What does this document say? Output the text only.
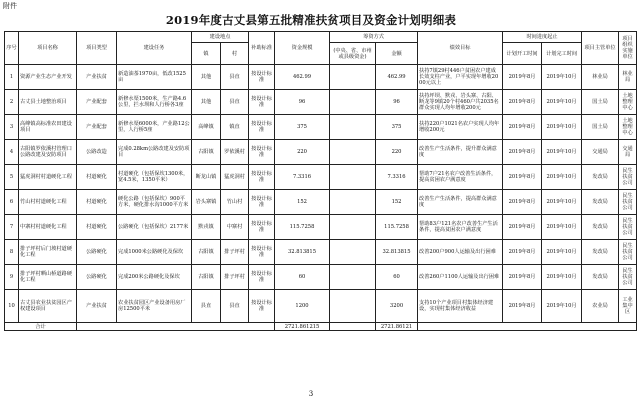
附件
2019年度古丈县第五批精准扶贫项目及资金计划明细表
序号	项目名称	项目类型	建设任务	建设地点		补助标准	资金规模	筹资方式		绩效目标	时间进度起止		项目主管单位	项目组织实施单位
				镇	村			(中央、省、市州或县级资金)	金额		计划开工时间	计划完工时间		
1	资源产业生态产业开发	产业扶贫	新造油茶1970亩，低改1525亩	其他	县直	按设计标准	462.99		462.99	扶持7镇29村446户贫困农户建成长效支柱产业，户平实现年增收2000元以上	2019年8月	2019年10月	林业局	林业局
2	古丈县土地整治项目	产业配套	新修水渠1500米，生产路4.6公里，拦水坝和人行桥各3座	其他	县直	按设计标准	96		96	扶持坪坝、默戎、岩头寨、古阳、断龙等9镇20个村460户共2035名群众实现人均年增收200元	2019年8月	2019年10月	国土局	土地整理中心
3	高峰镇高标准农田建设项目	产业配套	新修水渠6000米，产业路12公里，人行桥5座	高峰镇	镇直	按设计标准	375		375	扶持220户1021名农户实现人均年增收200元	2019年8月	2019年10月	国土局	土地整理中心
4	古阳镇罗依溪村管理口公路改建及安防项目	公路改造	完成0.28km公路改建及安防项目	古阳镇	罗依溪村	按设计标准	220		220	改善生产生活条件，提升群众满意度	2019年8月	2019年10月	交通局	交通局
5	猛虎洞村村道硬化工程	村道硬化	村道硬化（包括保坎1300米，宽4.5米，1350平米）	断龙山镇	猛虎洞村	按设计标准	7.3316		7.3316	帮助7户21名农户改善生活条件，提高贫困农户满意度	2019年8月	2019年10月	发改局	民生扶贫公司
6	竹山村村道硬化工程	村道硬化	硬化公路（包括保坎）900平方米，硬化排水沟1000平方米	岩头寨镇	竹山村	按设计标准	152		152	改善生产生活条件，提高群众满意度	2019年8月	2019年10月	发改局	民生扶贫公司
7	中寨村村道硬化工程	村道硬化	公路硬化（包括保坎）2177米	默戎镇	中寨村	按设计标准	115.7258		115.7258	帮助83户121名农户改善生产生活条件，提高贫困农户满意度	2019年8月	2019年10月	发改局	民生扶贫公司
8	排子坪村后门坡村道硬化工程	公路硬化	完成1000米公路硬化及保坎	古阳镇	排子坪村	按设计标准	32.813815		32.813815	改善200户900人运输及出行困难	2019年8月	2019年10月	发改局	民生扶贫公司
9	排子坪村晒山桥道路硬化工程	公路硬化	完成200米公路硬化及保坎	古阳镇	排子坪村	按设计标准	60		60	改善260户1100人运输及出行困难	2019年8月	2019年10月	发改局	民生扶贫公司
10	古丈县农业扶贫园区产权建设项目	产业扶贫	农业扶贫园区产业设备用房厂房12500平米	县直	县直	按设计标准	1200		3200	支持10个产业项目村集体经济建设，实现村集体经济收益	2019年8月	2019年10月	农业局	工业集中区
合计							2721.861215		2721.86121					
3
